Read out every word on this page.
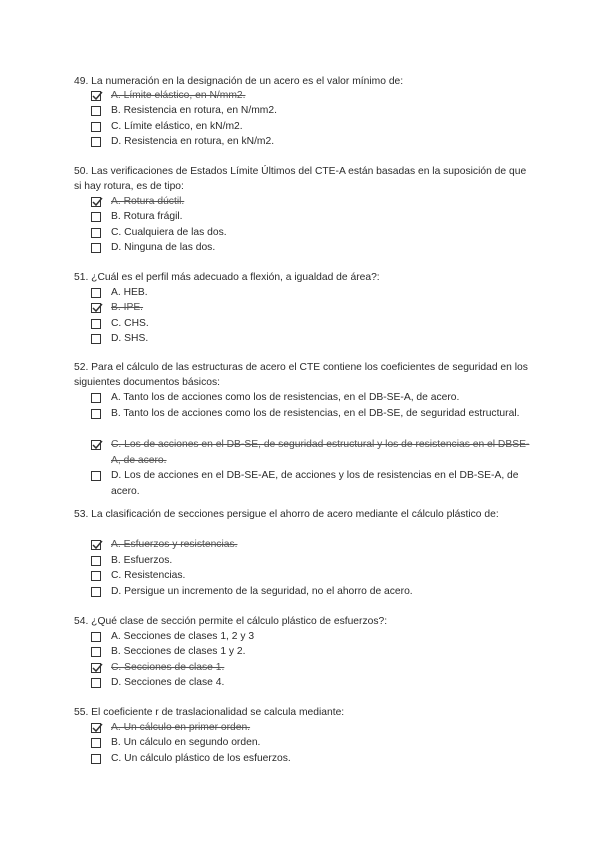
49. La numeración en la designación de un acero es el valor mínimo de:
A. Límite elástico, en N/mm2.
B. Resistencia en rotura, en N/mm2.
C. Límite elástico, en kN/m2.
D. Resistencia en rotura, en kN/m2.
50. Las verificaciones de Estados Límite Últimos del CTE-A están basadas en la suposición de que si hay rotura, es de tipo:
A. Rotura dúctil.
B. Rotura frágil.
C. Cualquiera de las dos.
D. Ninguna de las dos.
51. ¿Cuál es el perfil más adecuado a flexión, a igualdad de área?:
A. HEB.
B. IPE.
C. CHS.
D. SHS.
52. Para el cálculo de las estructuras de acero el CTE contiene los coeficientes de seguridad en los siguientes documentos básicos:
A. Tanto los de acciones como los de resistencias, en el DB-SE-A, de acero.
B. Tanto los de acciones como los de resistencias, en el DB-SE, de seguridad estructural.
C. Los de acciones en el DB-SE, de seguridad estructural y los de resistencias en el DBSE-A, de acero.
D. Los de acciones en el DB-SE-AE, de acciones y los de resistencias en el DB-SE-A, de acero.
53. La clasificación de secciones persigue el ahorro de acero mediante el cálculo plástico de:
A. Esfuerzos y resistencias.
B. Esfuerzos.
C. Resistencias.
D. Persigue un incremento de la seguridad, no el ahorro de acero.
54. ¿Qué clase de sección permite el cálculo plástico de esfuerzos?:
A. Secciones de clases 1, 2 y 3
B. Secciones de clases 1 y 2.
C. Secciones de clase 1.
D. Secciones de clase 4.
55. El coeficiente r de traslacionalidad se calcula mediante:
A. Un cálculo en primer orden.
B. Un cálculo en segundo orden.
C. Un cálculo plástico de los esfuerzos.
